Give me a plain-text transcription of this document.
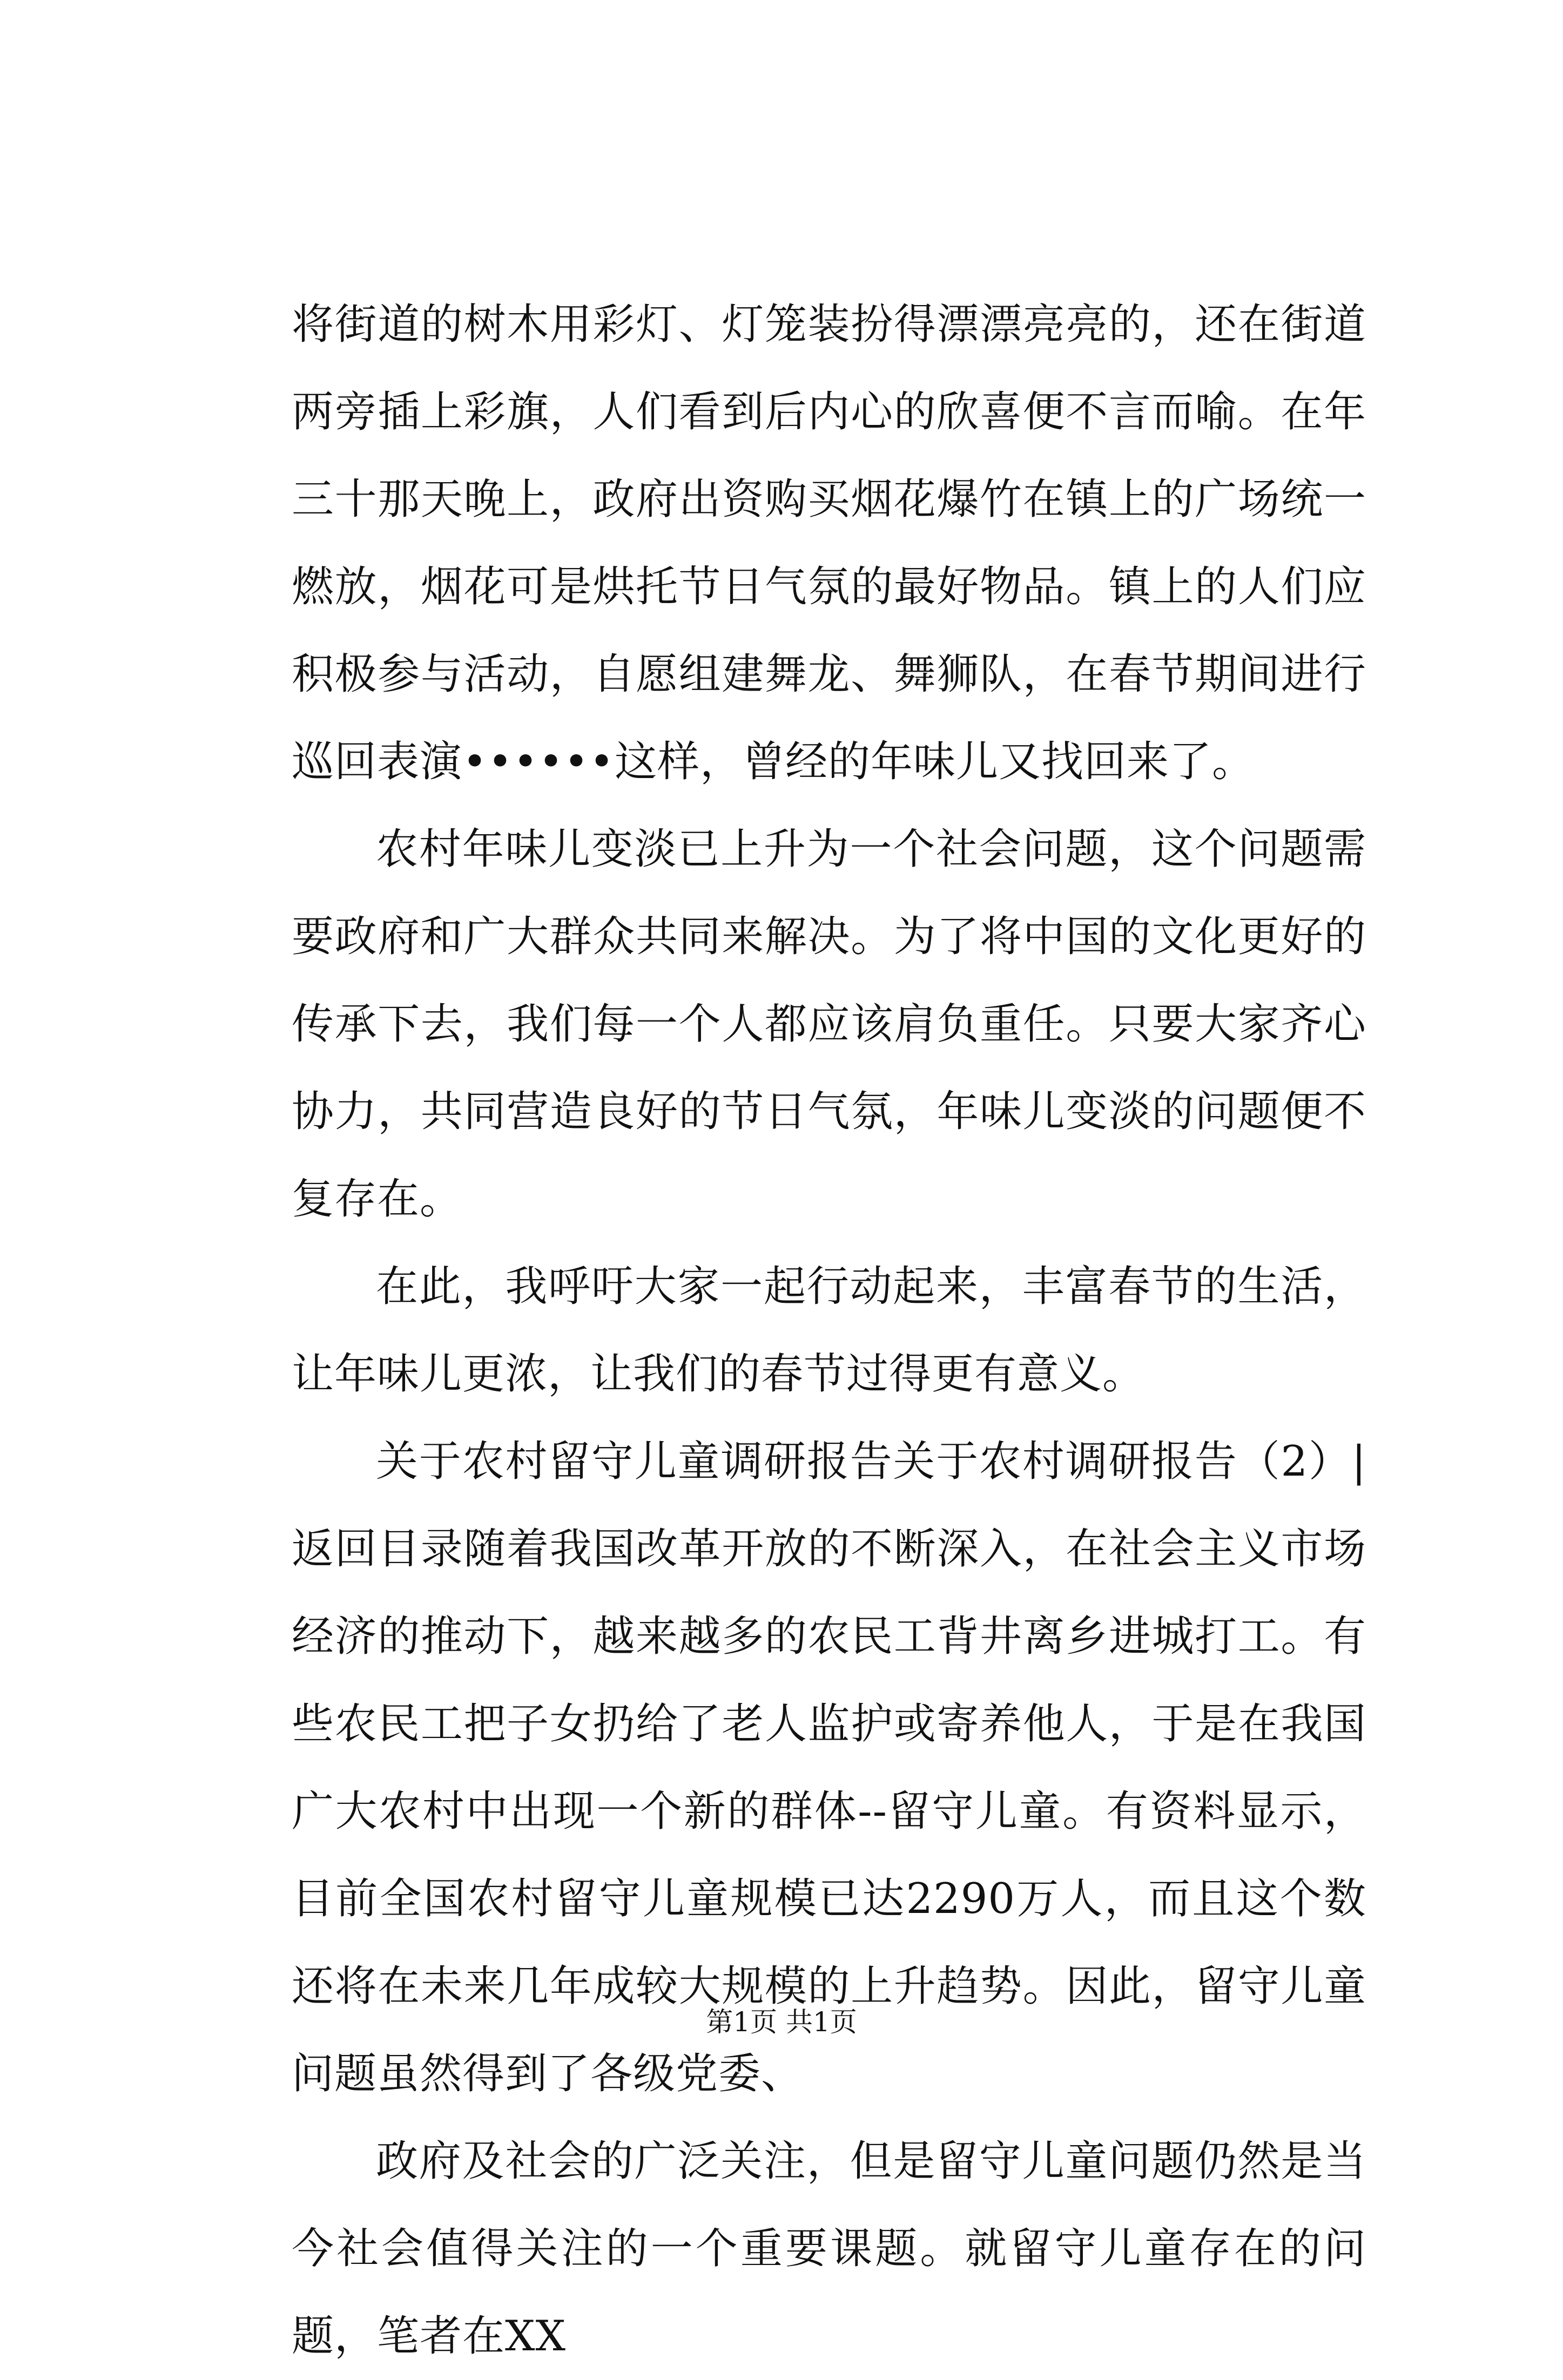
将街道的树木用彩灯、灯笼装扮得漂漂亮亮的，还在街道两旁插上彩旗，人们看到后内心的欣喜便不言而喻。在年三十那天晚上，政府出资购买烟花爆竹在镇上的广场统一燃放，烟花可是烘托节日气氛的最好物品。镇上的人们应积极参与活动，自愿组建舞龙、舞狮队，在春节期间进行巡回表演••••••这样，曾经的年味儿又找回来了。

农村年味儿变淡已上升为一个社会问题，这个问题需要政府和广大群众共同来解决。为了将中国的文化更好的传承下去，我们每一个人都应该肩负重任。只要大家齐心协力，共同营造良好的节日气氛，年味儿变淡的问题便不复存在。

在此，我呼吁大家一起行动起来，丰富春节的生活，让年味儿更浓，让我们的春节过得更有意义。

关于农村留守儿童调研报告关于农村调研报告（2）|返回目录随着我国改革开放的不断深入，在社会主义市场经济的推动下，越来越多的农民工背井离乡进城打工。有些农民工把子女扔给了老人监护或寄养他人，于是在我国广大农村中出现一个新的群体--留守儿童。有资料显示，目前全国农村留守儿童规模已达2290万人，而且这个数还将在未来几年成较大规模的上升趋势。因此，留守儿童问题虽然得到了各级党委、

政府及社会的广泛关注，但是留守儿童问题仍然是当今社会值得关注的一个重要课题。就留守儿童存在的问题，笔者在XX

第1页 共1页
